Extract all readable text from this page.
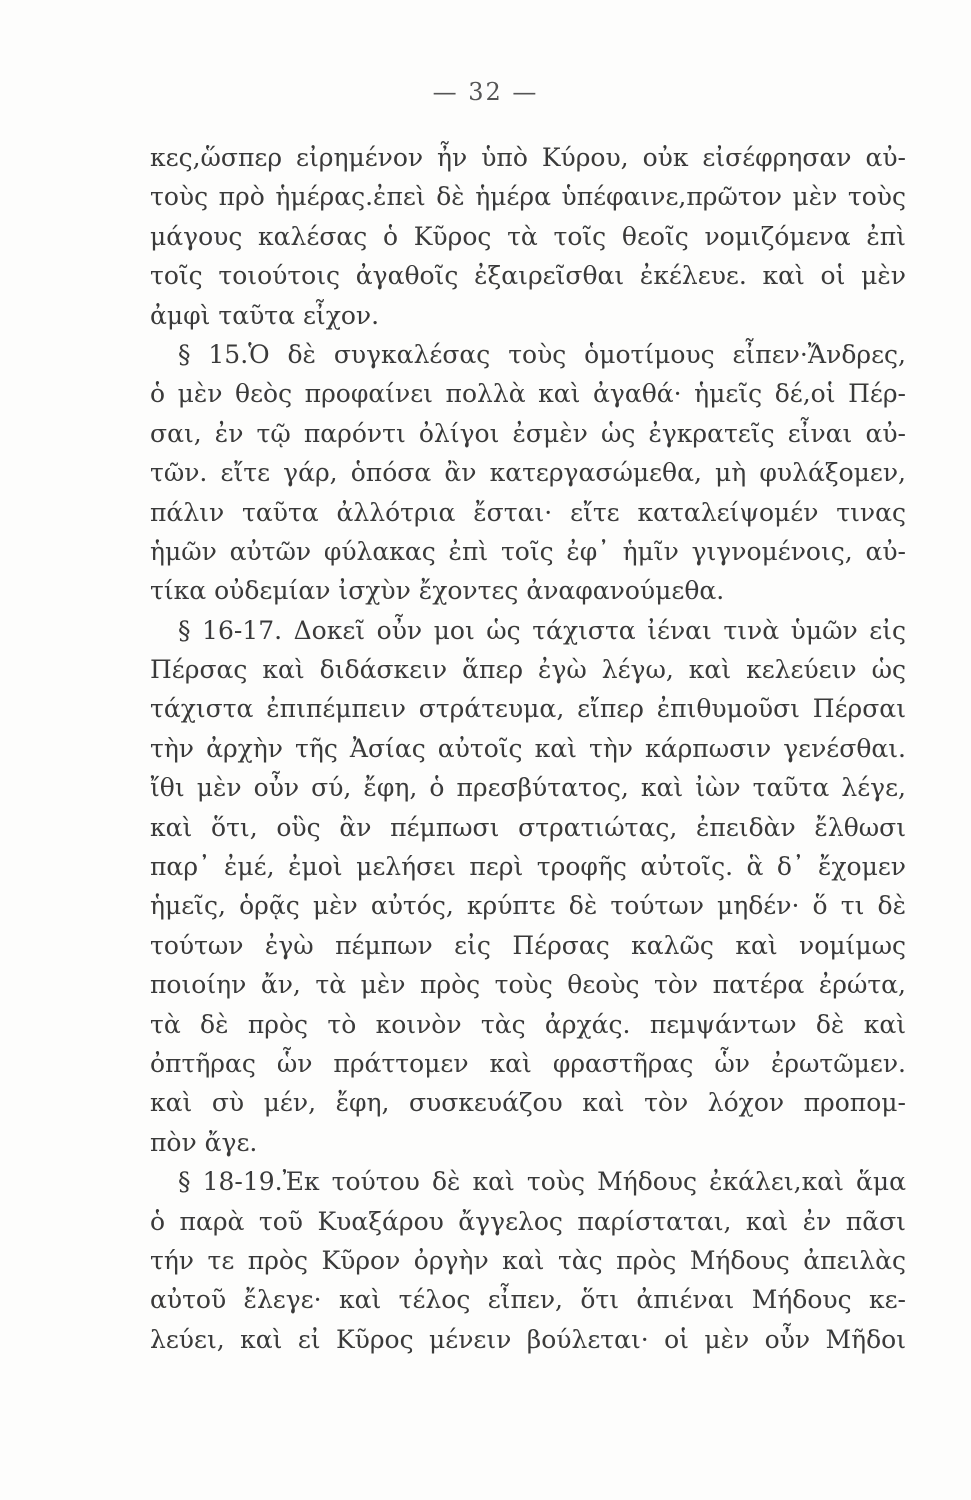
— 32 —
κες,ὥσπερ εἰρημένον ἦν ὑπὸ Κύρου, οὐκ εἰσέφρησαν αὐ-
τοὺς πρὸ ἡμέρας.ἐπεὶ δὲ ἡμέρα ὑπέφαινε,πρῶτον μὲν τοὺς
μάγους καλέσας ὁ Κῦρος τὰ τοῖς θεοῖς νομιζόμενα ἐπὶ
τοῖς τοιούτοις ἀγαθοῖς ἐξαιρεῖσθαι ἐκέλευε. καὶ οἱ μὲν
ἀμφὶ ταῦτα εἶχον.
§ 15.Ὁ δὲ συγκαλέσας τοὺς ὁμοτίμους εἶπεν·Ἄνδρες,
ὁ μὲν θεὸς προφαίνει πολλὰ καὶ ἀγαθά· ἡμεῖς δέ,οἱ Πέρ-
σαι, ἐν τῷ παρόντι ὀλίγοι ἐσμὲν ὡς ἐγκρατεῖς εἶναι αὐ-
τῶν. εἴτε γάρ, ὁπόσα ἂν κατεργασώμεθα, μὴ φυλάξομεν,
πάλιν ταῦτα ἀλλότρια ἔσται· εἴτε καταλείψομέν τινας
ἡμῶν αὐτῶν φύλακας ἐπὶ τοῖς ἐφ᾽ ἡμῖν γιγνομένοις, αὐ-
τίκα οὐδεμίαν ἰσχὺν ἔχοντες ἀναφανούμεθα.
§ 16-17. Δοκεῖ οὖν μοι ὡς τάχιστα ἰέναι τινὰ ὑμῶν εἰς
Πέρσας καὶ διδάσκειν ἅπερ ἐγὼ λέγω, καὶ κελεύειν ὡς
τάχιστα ἐπιπέμπειν στράτευμα, εἴπερ ἐπιθυμοῦσι Πέρσαι
τὴν ἀρχὴν τῆς Ἀσίας αὐτοῖς καὶ τὴν κάρπωσιν γενέσθαι.
ἴθι μὲν οὖν σύ, ἔφη, ὁ πρεσβύτατος, καὶ ἰὼν ταῦτα λέγε,
καὶ ὅτι, οὓς ἂν πέμπωσι στρατιώτας, ἐπειδὰν ἔλθωσι
παρ᾽ ἐμέ, ἐμοὶ μελήσει περὶ τροφῆς αὐτοῖς. ἃ δ᾽ ἔχομεν
ἡμεῖς, ὁρᾷς μὲν αὐτός, κρύπτε δὲ τούτων μηδέν· ὅ τι δὲ
τούτων ἐγὼ πέμπων εἰς Πέρσας καλῶς καὶ νομίμως
ποιοίην ἄν, τὰ μὲν πρὸς τοὺς θεοὺς τὸν πατέρα ἐρώτα,
τὰ δὲ πρὸς τὸ κοινὸν τὰς ἀρχάς. πεμψάντων δὲ καὶ
ὀπτῆρας ὧν πράττομεν καὶ φραστῆρας ὧν ἐρωτῶμεν.
καὶ σὺ μέν, ἔφη, συσκευάζου καὶ τὸν λόχον προπομ-
πὸν ἄγε.
§ 18-19.Ἐκ τούτου δὲ καὶ τοὺς Μήδους ἐκάλει,καὶ ἅμα
ὁ παρὰ τοῦ Κυαξάρου ἄγγελος παρίσταται, καὶ ἐν πᾶσι
τήν τε πρὸς Κῦρον ὀργὴν καὶ τὰς πρὸς Μήδους ἀπειλὰς
αὐτοῦ ἔλεγε· καὶ τέλος εἶπεν, ὅτι ἀπιέναι Μήδους κε-
λεύει, καὶ εἰ Κῦρος μένειν βούλεται· οἱ μὲν οὖν Μῆδοι
